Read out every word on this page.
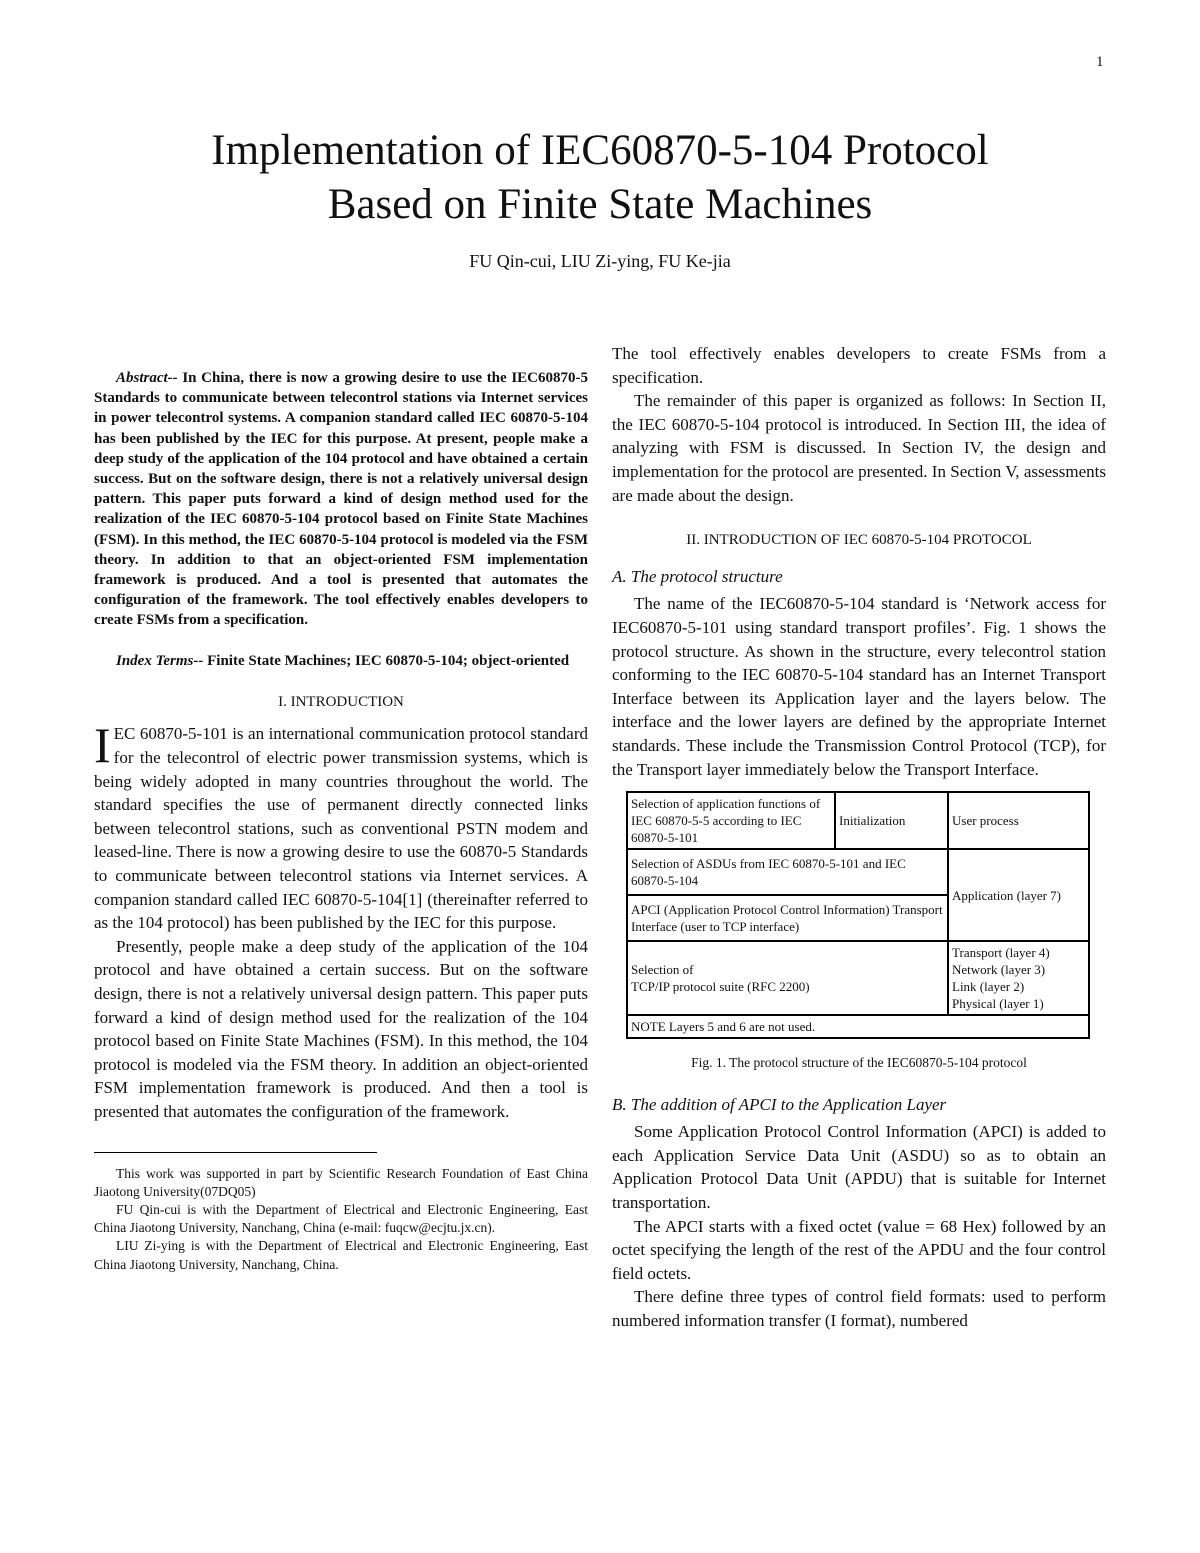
1
Implementation of IEC60870-5-104 Protocol
Based on Finite State Machines
FU Qin-cui, LIU Zi-ying, FU Ke-jia

Abstract-- In China, there is now a growing desire to use the IEC60870-5 Standards to communicate between telecontrol stations via Internet services in power telecontrol systems. A companion standard called IEC 60870-5-104 has been published by the IEC for this purpose. At present, people make a deep study of the application of the 104 protocol and have obtained a certain success. But on the software design, there is not a relatively universal design pattern. This paper puts forward a kind of design method used for the realization of the IEC 60870-5-104 protocol based on Finite State Machines (FSM). In this method, the IEC 60870-5-104 protocol is modeled via the FSM theory. In addition to that an object-oriented FSM implementation framework is produced. And a tool is presented that automates the configuration of the framework. The tool effectively enables developers to create FSMs from a specification.

Index Terms-- Finite State Machines; IEC 60870-5-104; object-oriented

I. INTRODUCTION

IEC 60870-5-101 is an international communication protocol standard for the telecontrol of electric power transmission systems, which is being widely adopted in many countries throughout the world. The standard specifies the use of permanent directly connected links between telecontrol stations, such as conventional PSTN modem and leased-line. There is now a growing desire to use the 60870-5 Standards to communicate between telecontrol stations via Internet services. A companion standard called IEC 60870-5-104[1] (thereinafter referred to as the 104 protocol) has been published by the IEC for this purpose.

Presently, people make a deep study of the application of the 104 protocol and have obtained a certain success. But on the software design, there is not a relatively universal design pattern. This paper puts forward a kind of design method used for the realization of the 104 protocol based on Finite State Machines (FSM). In this method, the 104 protocol is modeled via the FSM theory. In addition an object-oriented FSM implementation framework is produced. And then a tool is presented that automates the configuration of the framework.

This work was supported in part by Scientific Research Foundation of East China Jiaotong University(07DQ05)

FU Qin-cui is with the Department of Electrical and Electronic Engineering, East China Jiaotong University, Nanchang, China (e-mail: fuqcw@ecjtu.jx.cn).

LIU Zi-ying is with the Department of Electrical and Electronic Engineering, East China Jiaotong University, Nanchang, China.

The tool effectively enables developers to create FSMs from a specification.

The remainder of this paper is organized as follows: In Section II, the IEC 60870-5-104 protocol is introduced. In Section III, the idea of analyzing with FSM is discussed. In Section IV, the design and implementation for the protocol are presented. In Section V, assessments are made about the design.

II. INTRODUCTION OF IEC 60870-5-104 PROTOCOL

A. The protocol structure

The name of the IEC60870-5-104 standard is ‘Network access for IEC60870-5-101 using standard transport profiles’. Fig. 1 shows the protocol structure. As shown in the structure, every telecontrol station conforming to the IEC 60870-5-104 standard has an Internet Transport Interface between its Application layer and the layers below. The interface and the lower layers are defined by the appropriate Internet standards. These include the Transmission Control Protocol (TCP), for the Transport layer immediately below the Transport Interface.

Selection of application functions of IEC 60870-5-5 according to IEC 60870-5-101	Initialization	User process
Selection of ASDUs from IEC 60870-5-101 and IEC 60870-5-104		Application (layer 7)
APCI (Application Protocol Control Information) Transport Interface (user to TCP interface)		
Selection of
TCP/IP protocol suite (RFC 2200)		Transport (layer 4)
Network (layer 3)
Link (layer 2)
Physical (layer 1)
NOTE Layers 5 and 6 are not used.		

Fig. 1. The protocol structure of the IEC60870-5-104 protocol

B. The addition of APCI to the Application Layer

Some Application Protocol Control Information (APCI) is added to each Application Service Data Unit (ASDU) so as to obtain an Application Protocol Data Unit (APDU) that is suitable for Internet transportation.

The APCI starts with a fixed octet (value = 68 Hex) followed by an octet specifying the length of the rest of the APDU and the four control field octets.

There define three types of control field formats: used to perform numbered information transfer (I format), numbered
